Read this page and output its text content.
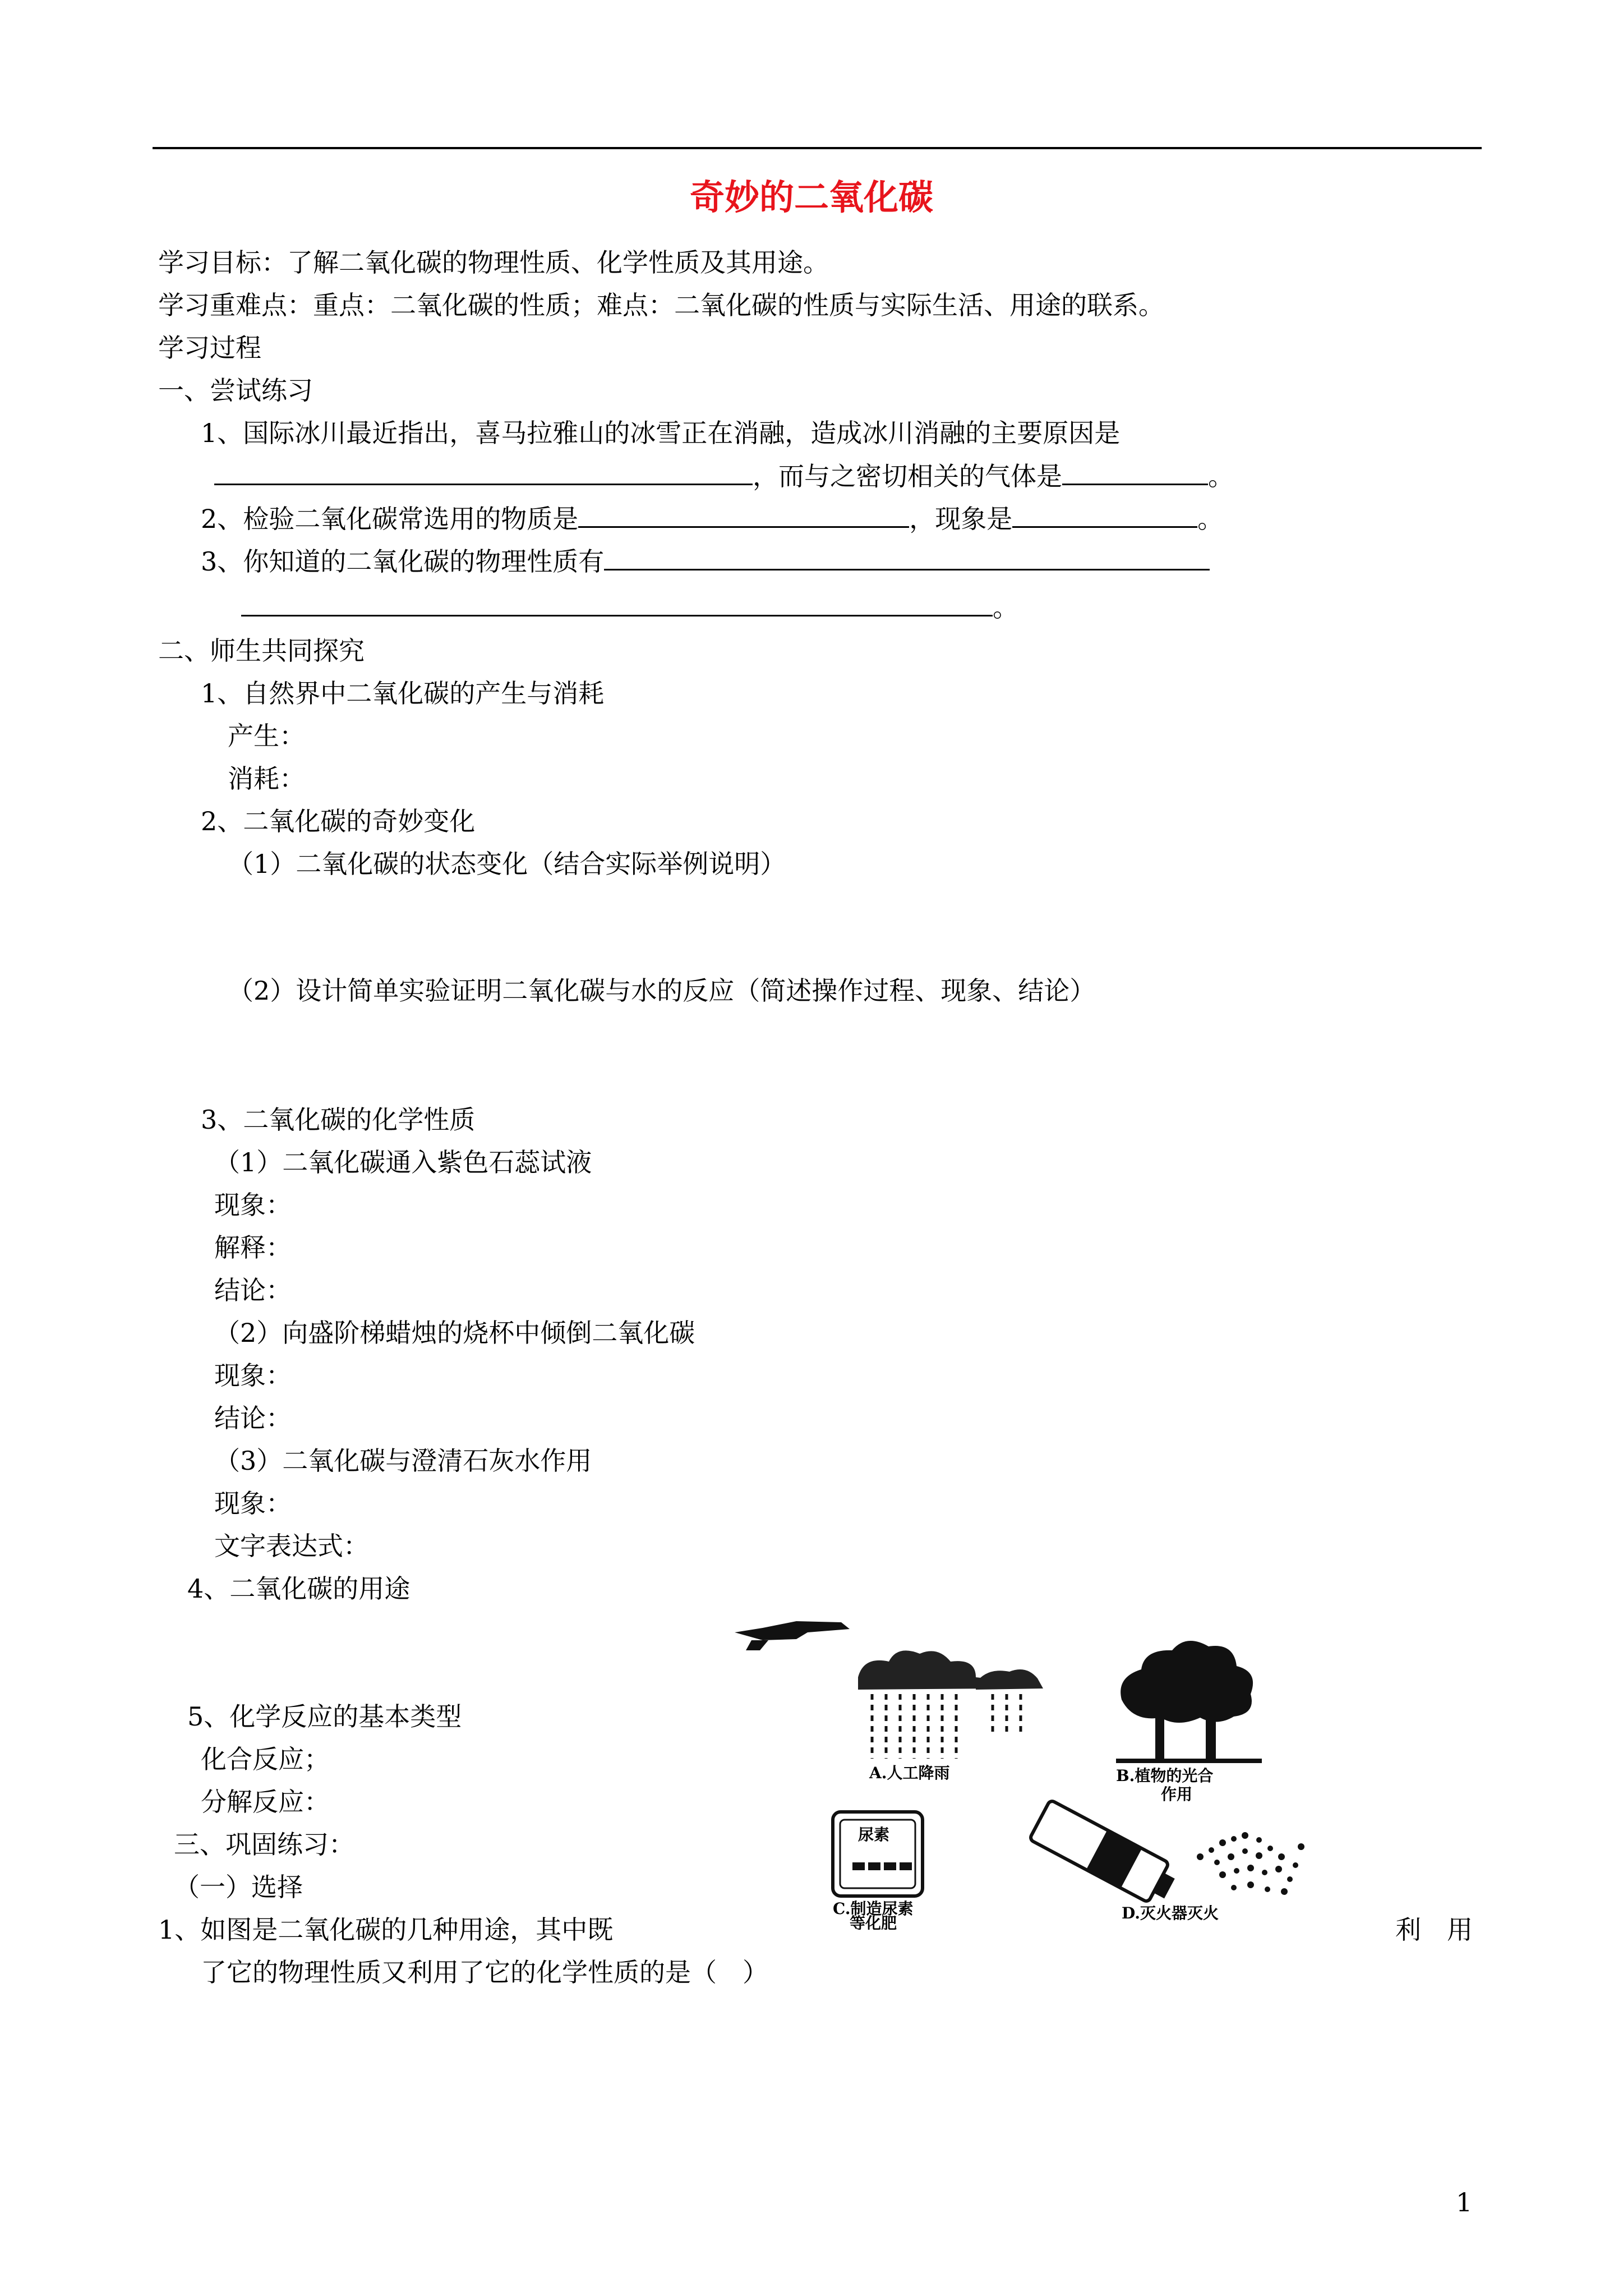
奇妙的二氧化碳
学习目标：了解二氧化碳的物理性质、化学性质及其用途。
学习重难点：重点：二氧化碳的性质；难点：二氧化碳的性质与实际生活、用途的联系。
学习过程
一、尝试练习
1、国际冰川最近指出，喜马拉雅山的冰雪正在消融，造成冰川消融的主要原因是
，而与之密切相关的气体是	。
2、检验二氧化碳常选用的物质是	，现象是	。
3、你知道的二氧化碳的物理性质有
。
二、师生共同探究
1、自然界中二氧化碳的产生与消耗
产生：
消耗：
2、二氧化碳的奇妙变化
（1）二氧化碳的状态变化（结合实际举例说明）
（2）设计简单实验证明二氧化碳与水的反应（简述操作过程、现象、结论）
3、二氧化碳的化学性质
（1）二氧化碳通入紫色石蕊试液
现象：
解释：
结论：
（2）向盛阶梯蜡烛的烧杯中倾倒二氧化碳
现象：
结论：
（3）二氧化碳与澄清石灰水作用
现象：
文字表达式：
4、二氧化碳的用途
5、化学反应的基本类型
化合反应；
分解反应：
三、巩固练习：
（一）选择
1、如图是二氧化碳的几种用途，其中既	利　用
了它的物理性质又利用了它的化学性质的是（　）
A.人工降雨	B.植物的光合
作用
尿素
C.制造尿素
等化肥
D.灭火器灭火
1
